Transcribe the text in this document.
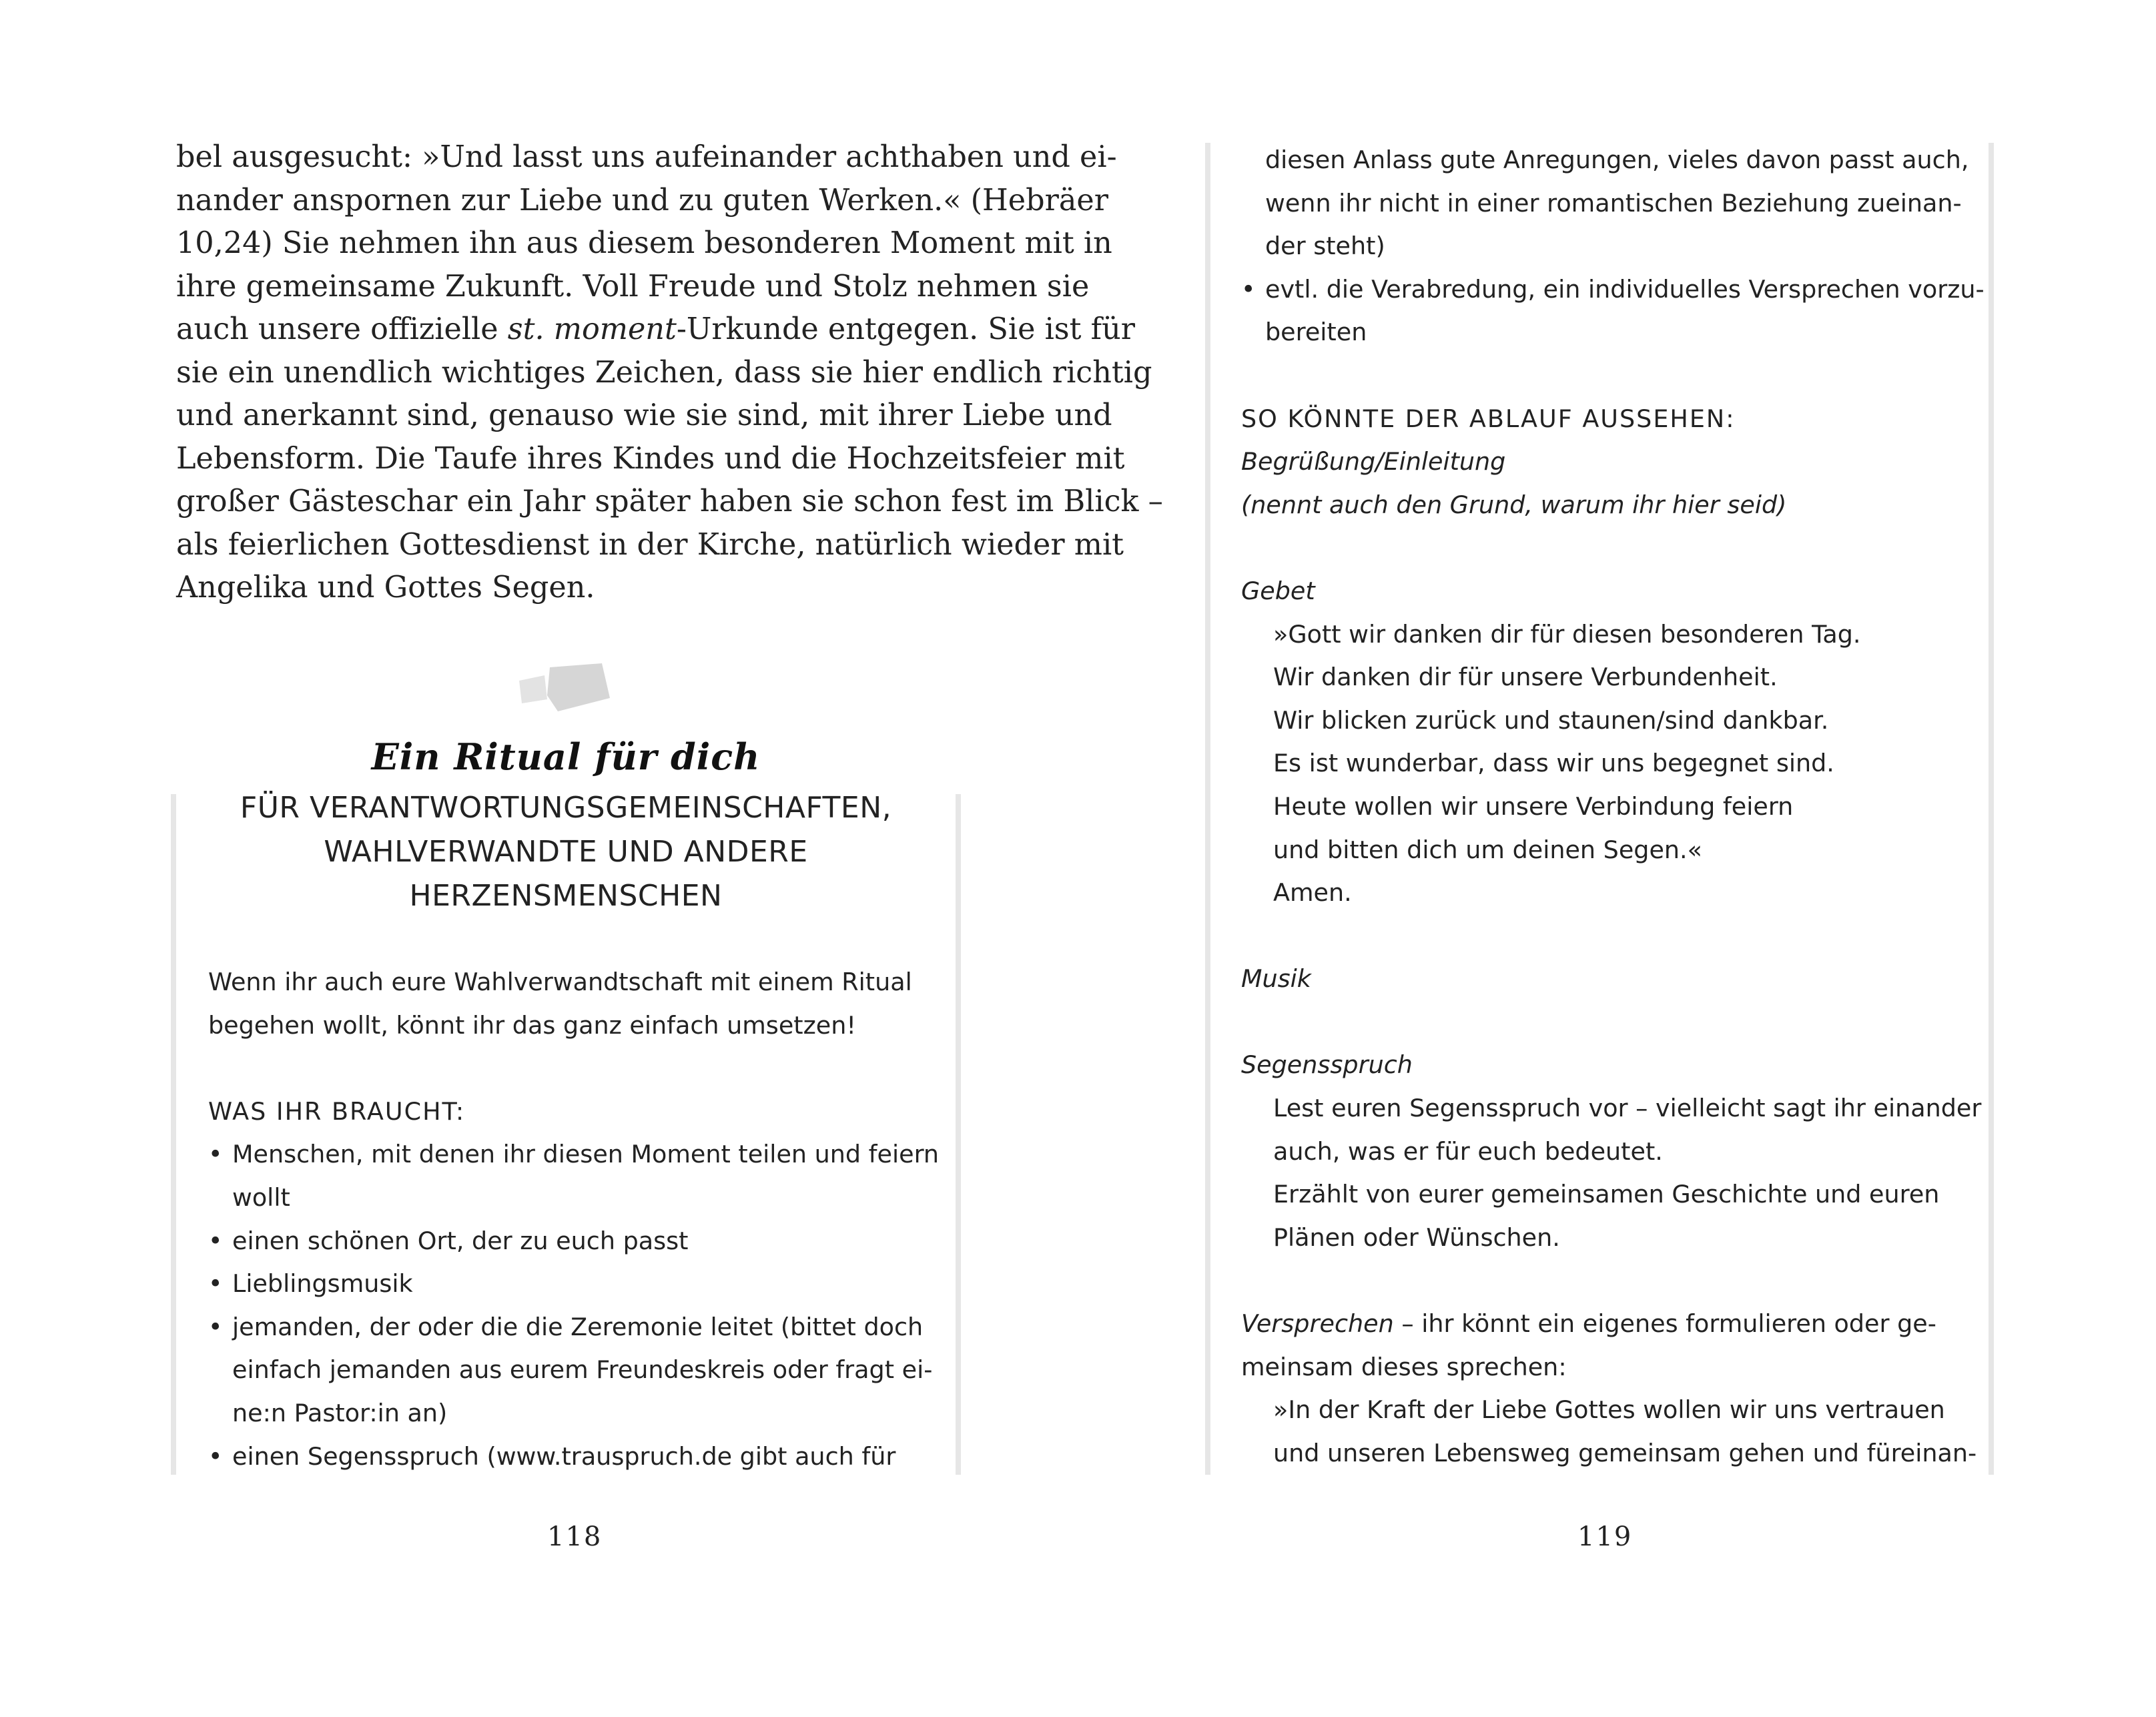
bel ausgesucht: »Und lasst uns aufeinander achthaben und ei-
nander anspornen zur Liebe und zu guten Werken.« (Hebräer
10,24) Sie nehmen ihn aus diesem besonderen Moment mit in
ihre gemeinsame Zukunft. Voll Freude und Stolz nehmen sie
auch unsere offizielle st. moment-Urkunde entgegen. Sie ist für
sie ein unendlich wichtiges Zeichen, dass sie hier endlich richtig
und anerkannt sind, genauso wie sie sind, mit ihrer Liebe und
Lebensform. Die Taufe ihres Kindes und die Hochzeitsfeier mit
großer Gästeschar ein Jahr später haben sie schon fest im Blick –
als feierlichen Gottesdienst in der Kirche, natürlich wieder mit
Angelika und Gottes Segen.
Ein Ritual für dich
FÜR VERANTWORTUNGSGEMEINSCHAFTEN,
WAHLVERWANDTE UND ANDERE
HERZENSMENSCHEN
Wenn ihr auch eure Wahlverwandtschaft mit einem Ritual
begehen wollt, könnt ihr das ganz einfach umsetzen!
WAS IHR BRAUCHT:
• Menschen, mit denen ihr diesen Moment teilen und feiern
wollt
• einen schönen Ort, der zu euch passt
• Lieblingsmusik
• jemanden, der oder die die Zeremonie leitet (bittet doch
einfach jemanden aus eurem Freundeskreis oder fragt ei-
ne:n Pastor:in an)
• einen Segensspruch (www.trauspruch.de gibt auch für
118
diesen Anlass gute Anregungen, vieles davon passt auch,
wenn ihr nicht in einer romantischen Beziehung zueinan-
der steht)
• evtl. die Verabredung, ein individuelles Versprechen vorzu-
bereiten
SO KÖNNTE DER ABLAUF AUSSEHEN:
Begrüßung/Einleitung
(nennt auch den Grund, warum ihr hier seid)
Gebet
»Gott wir danken dir für diesen besonderen Tag.
Wir danken dir für unsere Verbundenheit.
Wir blicken zurück und staunen/sind dankbar.
Es ist wunderbar, dass wir uns begegnet sind.
Heute wollen wir unsere Verbindung feiern
und bitten dich um deinen Segen.«
Amen.
Musik
Segensspruch
Lest euren Segensspruch vor – vielleicht sagt ihr einander
auch, was er für euch bedeutet.
Erzählt von eurer gemeinsamen Geschichte und euren
Plänen oder Wünschen.
Versprechen – ihr könnt ein eigenes formulieren oder ge-
meinsam dieses sprechen:
»In der Kraft der Liebe Gottes wollen wir uns vertrauen
und unseren Lebensweg gemeinsam gehen und füreinan-
119
